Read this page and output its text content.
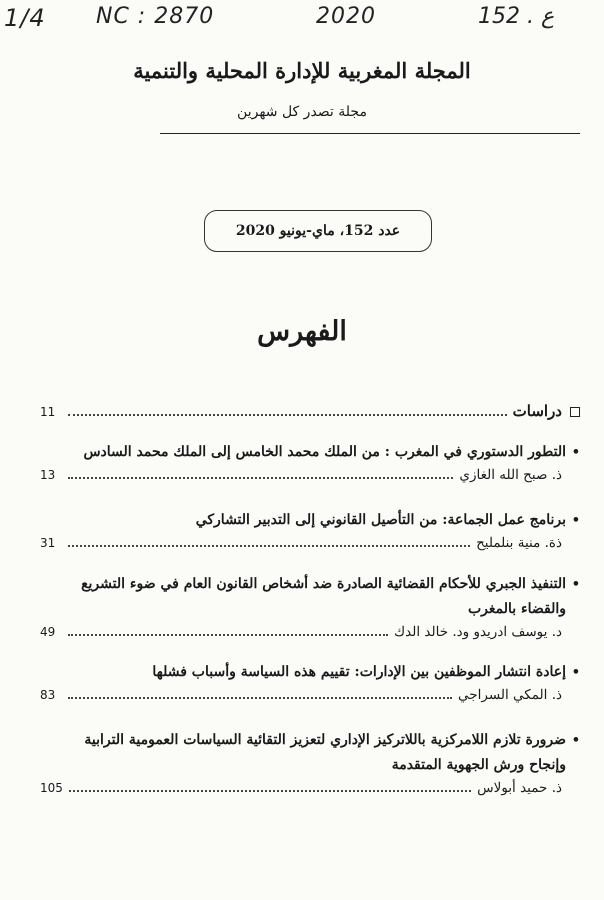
1/4 NC : 2870	2020	152 . ع
المجلة المغربية للإدارة المحلية والتنمية
مجلة تصدر كل شهرين
عدد 152، ماي-يونيو 2020
الفهرس
دراسات
11
•
التطور الدستوري في المغرب : من الملك محمد الخامس إلى الملك محمد السادس
ذ. صبح الله الغازي
13
•
برنامج عمل الجماعة: من التأصيل القانوني إلى التدبير التشاركي
ذة. منية بنلمليح
31
•
التنفيذ الجبري للأحكام القضائية الصادرة ضد أشخاص القانون العام في ضوء التشريع
والقضاء بالمغرب
د. يوسف ادريدو ود. خالد الدك
49
•
إعادة انتشار الموظفين بين الإدارات: تقييم هذه السياسة وأسباب فشلها
ذ. المكي السراجي
83
•
ضرورة تلازم اللامركزية باللاتركيز الإداري لتعزيز التقائية السياسات العمومية الترابية
وإنجاح ورش الجهوية المتقدمة
ذ. حميد أبولاس
105
